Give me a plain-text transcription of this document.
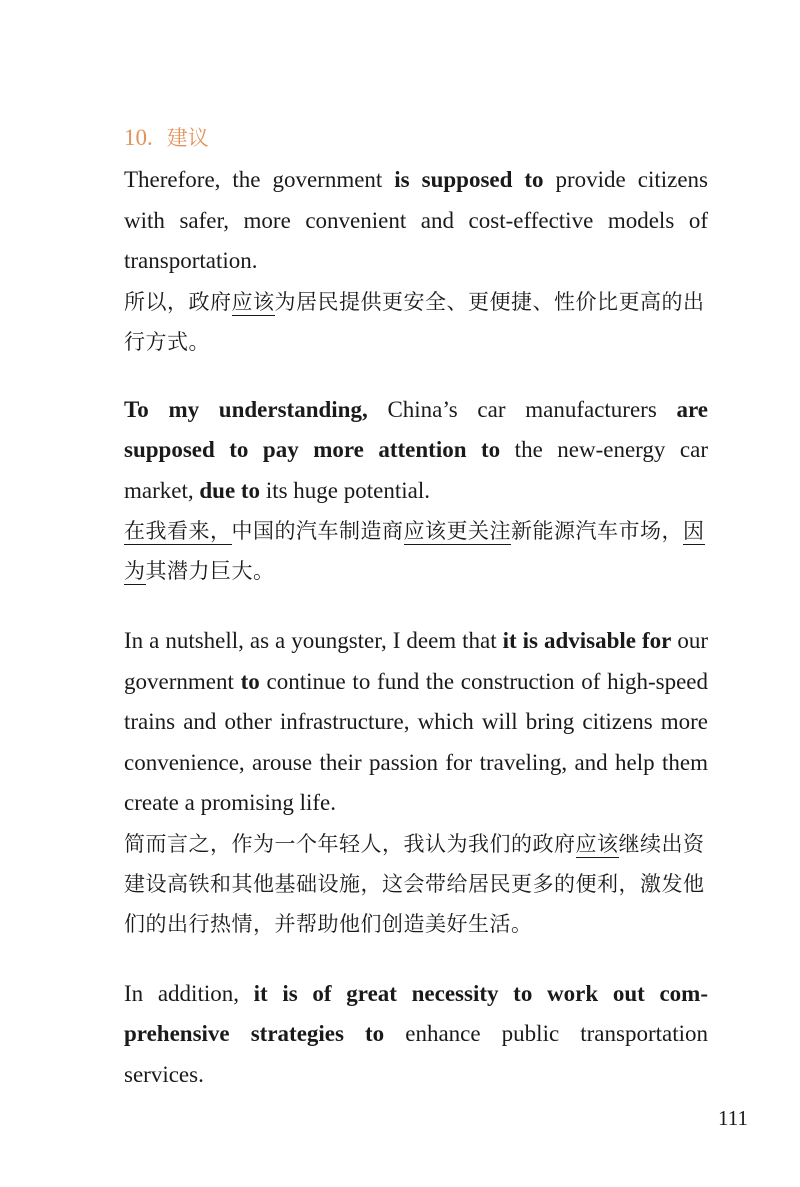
10. 建议

Therefore, the government is supposed to provide citizens with safer, more convenient and cost-effective models of transportation.

所以，政府应该为居民提供更安全、更便捷、性价比更高的出行方式。

To my understanding, China’s car manufacturers are supposed to pay more attention to the new-energy car market, due to its huge potential.

在我看来，中国的汽车制造商应该更关注新能源汽车市场，因为其潜力巨大。

In a nutshell, as a youngster, I deem that it is advisable for our government to continue to fund the construction of high-speed trains and other infrastructure, which will bring citizens more convenience, arouse their passion for traveling, and help them create a promising life.

简而言之，作为一个年轻人，我认为我们的政府应该继续出资建设高铁和其他基础设施，这会带给居民更多的便利，激发他们的出行热情，并帮助他们创造美好生活。

In addition, it is of great necessity to work out com-prehensive strategies to enhance public transportation services.

111
